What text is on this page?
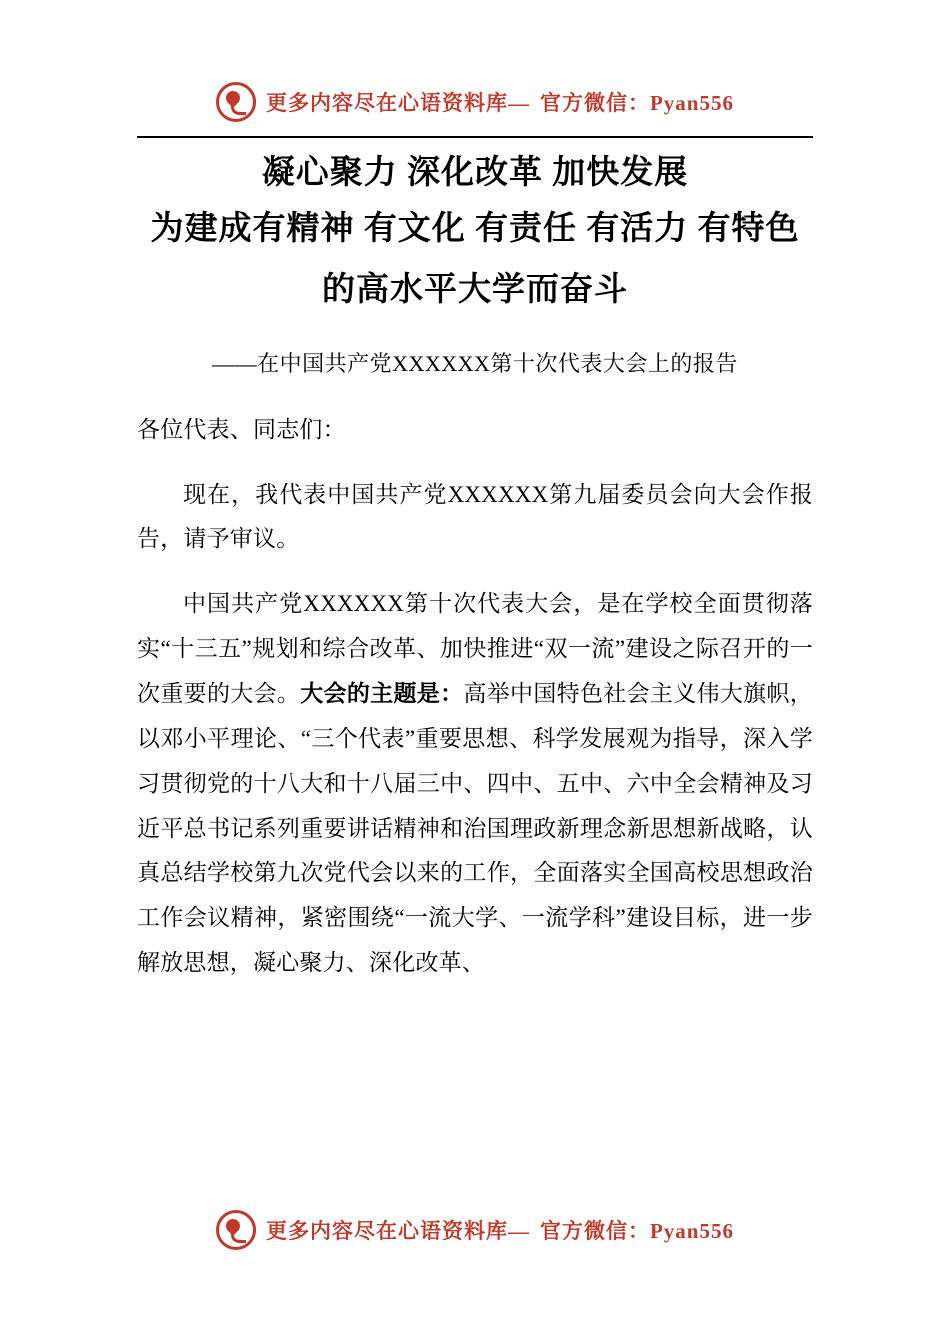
更多内容尽在心语资料库— 官方微信：Pyan556
凝心聚力 深化改革 加快发展
为建成有精神 有文化 有责任 有活力 有特色
的高水平大学而奋斗
——在中国共产党XXXXXX第十次代表大会上的报告

各位代表、同志们：

现在，我代表中国共产党XXXXXX第九届委员会向大会作报告，请予审议。

中国共产党XXXXXX第十次代表大会，是在学校全面贯彻落实“十三五”规划和综合改革、加快推进“双一流”建设之际召开的一次重要的大会。大会的主题是：高举中国特色社会主义伟大旗帜，以邓小平理论、“三个代表”重要思想、科学发展观为指导，深入学习贯彻党的十八大和十八届三中、四中、五中、六中全会精神及习近平总书记系列重要讲话精神和治国理政新理念新思想新战略，认真总结学校第九次党代会以来的工作，全面落实全国高校思想政治工作会议精神，紧密围绕“一流大学、一流学科”建设目标，进一步解放思想，凝心聚力、深化改革、

更多内容尽在心语资料库— 官方微信：Pyan556
